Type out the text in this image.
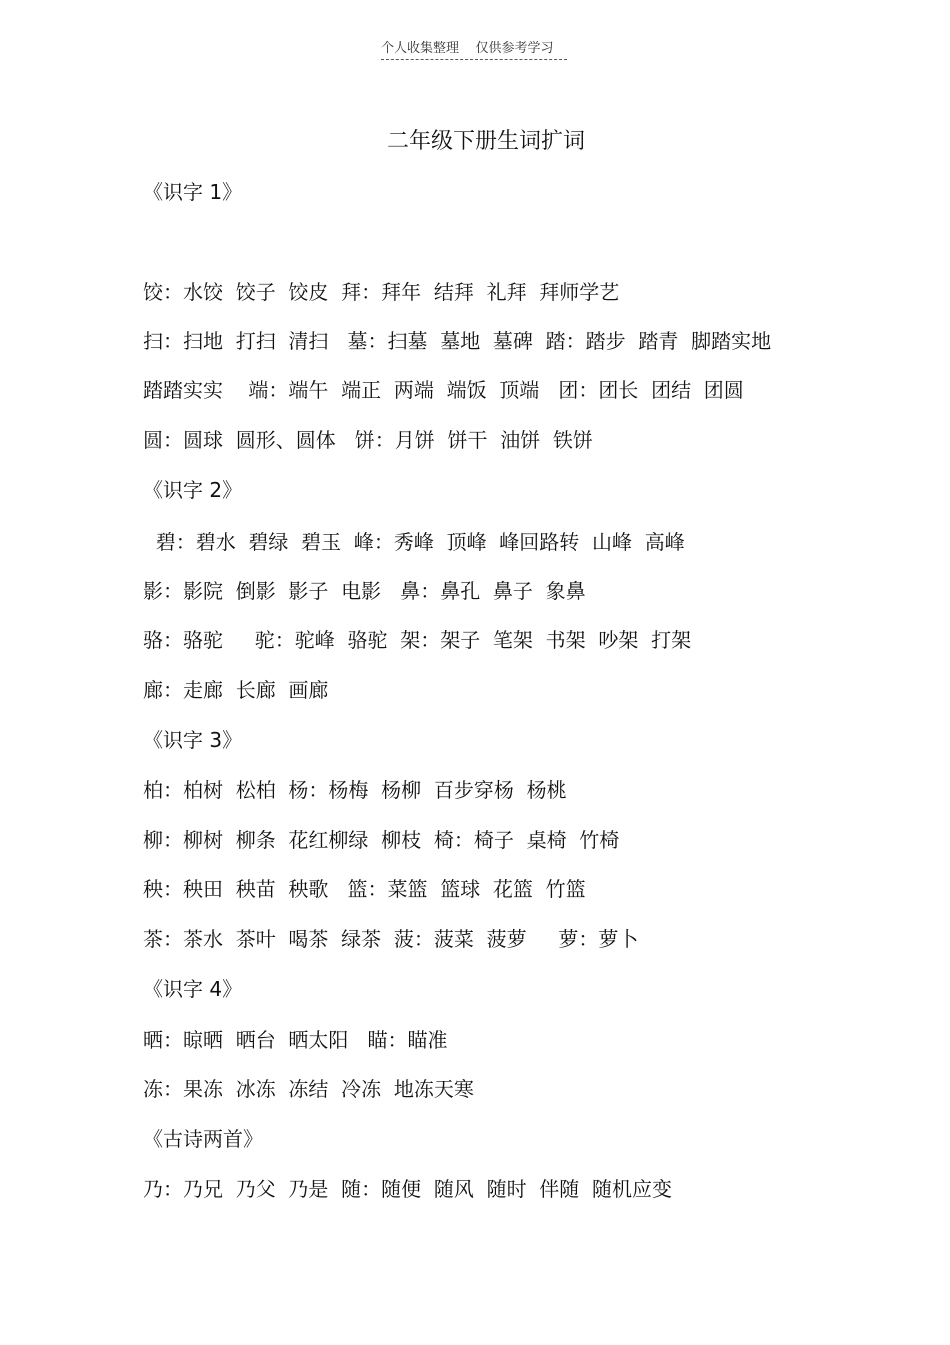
个人收集整理    仅供参考学习
二年级下册生词扩词
《识字 1》
饺：水饺  饺子  饺皮  拜：拜年  结拜  礼拜  拜师学艺
扫：扫地  打扫  清扫   墓：扫墓  墓地  墓碑  踏：踏步  踏青  脚踏实地
踏踏实实    端：端午  端正  两端  端饭  顶端   团：团长  团结  团圆
圆：圆球  圆形、圆体   饼：月饼  饼干  油饼  铁饼
《识字 2》
碧：碧水  碧绿  碧玉  峰：秀峰  顶峰  峰回路转  山峰  高峰
影：影院  倒影  影子  电影   鼻：鼻孔  鼻子  象鼻
骆：骆驼     驼：驼峰  骆驼  架：架子  笔架  书架  吵架  打架
廊：走廊  长廊  画廊
《识字 3》
柏：柏树  松柏  杨：杨梅  杨柳  百步穿杨  杨桃
柳：柳树  柳条  花红柳绿  柳枝  椅：椅子  桌椅  竹椅
秧：秧田  秧苗  秧歌   篮：菜篮  篮球  花篮  竹篮
茶：茶水  茶叶  喝茶  绿茶  菠：菠菜  菠萝     萝：萝卜
《识字 4》
晒：晾晒  晒台  晒太阳   瞄：瞄准
冻：果冻  冰冻  冻结  冷冻  地冻天寒
《古诗两首》
乃：乃兄  乃父  乃是  随：随便  随风  随时  伴随  随机应变
